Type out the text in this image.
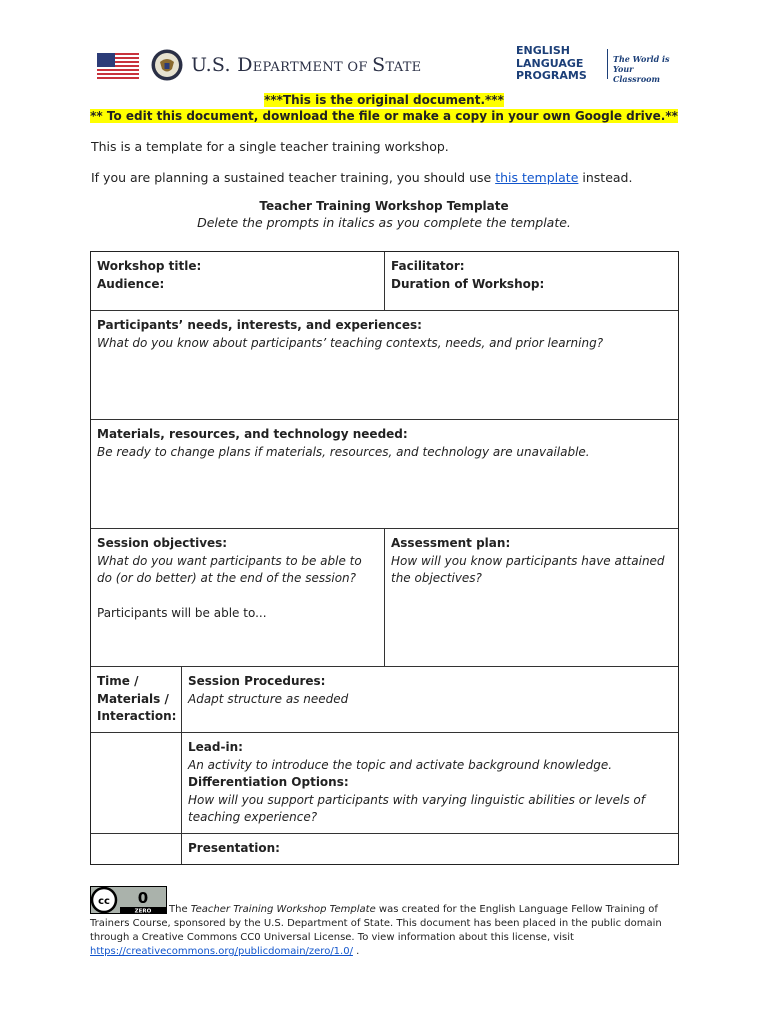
U.S. DEPARTMENT OF STATE
ENGLISH
LANGUAGE
PROGRAMS
The World is
Your Classroom
***This is the original document.***
** To edit this document, download the file or make a copy in your own Google drive.**
This is a template for a single teacher training workshop.
If you are planning a sustained teacher training, you should use this template instead.
Teacher Training Workshop Template
Delete the prompts in italics as you complete the template.
Workshop title:
Audience:
Facilitator:
Duration of Workshop:
Participants’ needs, interests, and experiences:
What do you know about participants’ teaching contexts, needs, and prior learning?
Materials, resources, and technology needed:
Be ready to change plans if materials, resources, and technology are unavailable.
Session objectives:
What do you want participants to be able to do (or do better) at the end of the session?
Participants will be able to...
Assessment plan:
How will you know participants have attained the objectives?
Time /
Materials /
Interaction:
Session Procedures:
Adapt structure as needed
Lead-in:
An activity to introduce the topic and activate background knowledge.
Differentiation Options:
How will you support participants with varying linguistic abilities or levels of teaching experience?
Presentation:
cc 0
ZERO	The Teacher Training Workshop Template was created for the English Language Fellow Training of Trainers Course, sponsored by the U.S. Department of State. This document has been placed in the public domain through a Creative Commons CC0 Universal License. To view information about this license, visit https://creativecommons.org/publicdomain/zero/1.0/ .
